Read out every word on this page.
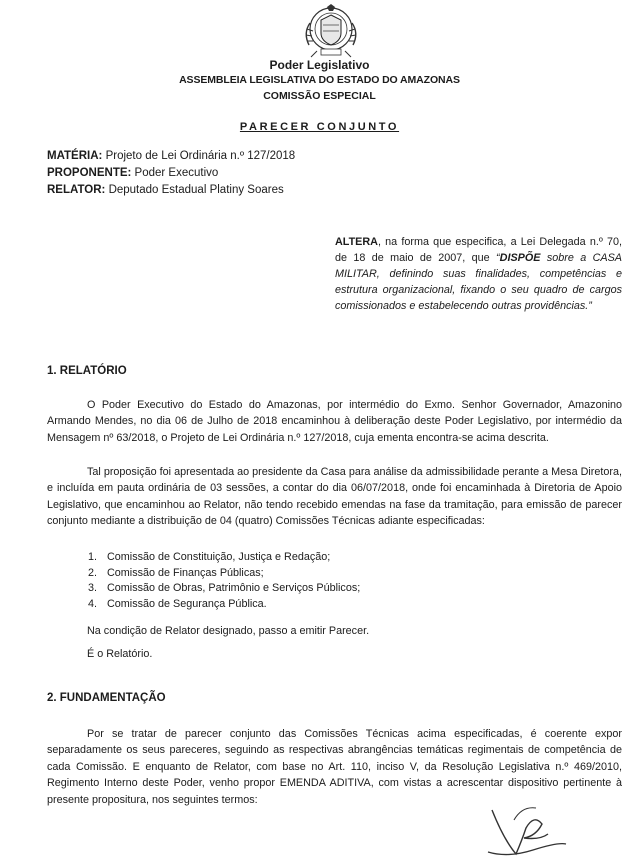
Poder Legislativo
ASSEMBLEIA LEGISLATIVA DO ESTADO DO AMAZONAS
COMISSÃO ESPECIAL
PARECER CONJUNTO
MATÉRIA: Projeto de Lei Ordinária n.º 127/2018
PROPONENTE: Poder Executivo
RELATOR: Deputado Estadual Platiny Soares
ALTERA, na forma que especifica, a Lei Delegada n.º 70, de 18 de maio de 2007, que “DISPÕE sobre a CASA MILITAR, definindo suas finalidades, competências e estrutura organizacional, fixando o seu quadro de cargos comissionados e estabelecendo outras providências.”
1. RELATÓRIO
O Poder Executivo do Estado do Amazonas, por intermédio do Exmo. Senhor Governador, Amazonino Armando Mendes, no dia 06 de Julho de 2018 encaminhou à deliberação deste Poder Legislativo, por intermédio da Mensagem nº 63/2018, o Projeto de Lei Ordinária n.º 127/2018, cuja ementa encontra-se acima descrita.
Tal proposição foi apresentada ao presidente da Casa para análise da admissibilidade perante a Mesa Diretora, e incluída em pauta ordinária de 03 sessões, a contar do dia 06/07/2018, onde foi encaminhada à Diretoria de Apoio Legislativo, que encaminhou ao Relator, não tendo recebido emendas na fase da tramitação, para emissão de parecer conjunto mediante a distribuição de 04 (quatro) Comissões Técnicas adiante especificadas:
1. Comissão de Constituição, Justiça e Redação;
2. Comissão de Finanças Públicas;
3. Comissão de Obras, Patrimônio e Serviços Públicos;
4. Comissão de Segurança Pública.
Na condição de Relator designado, passo a emitir Parecer.
É o Relatório.
2. FUNDAMENTAÇÃO
Por se tratar de parecer conjunto das Comissões Técnicas acima especificadas, é coerente expor separadamente os seus pareceres, seguindo as respectivas abrangências temáticas regimentais de competência de cada Comissão. E enquanto de Relator, com base no Art. 110, inciso V, da Resolução Legislativa n.º 469/2010, Regimento Interno deste Poder, venho propor EMENDA ADITIVA, com vistas a acrescentar dispositivo pertinente à presente propositura, nos seguintes termos:
